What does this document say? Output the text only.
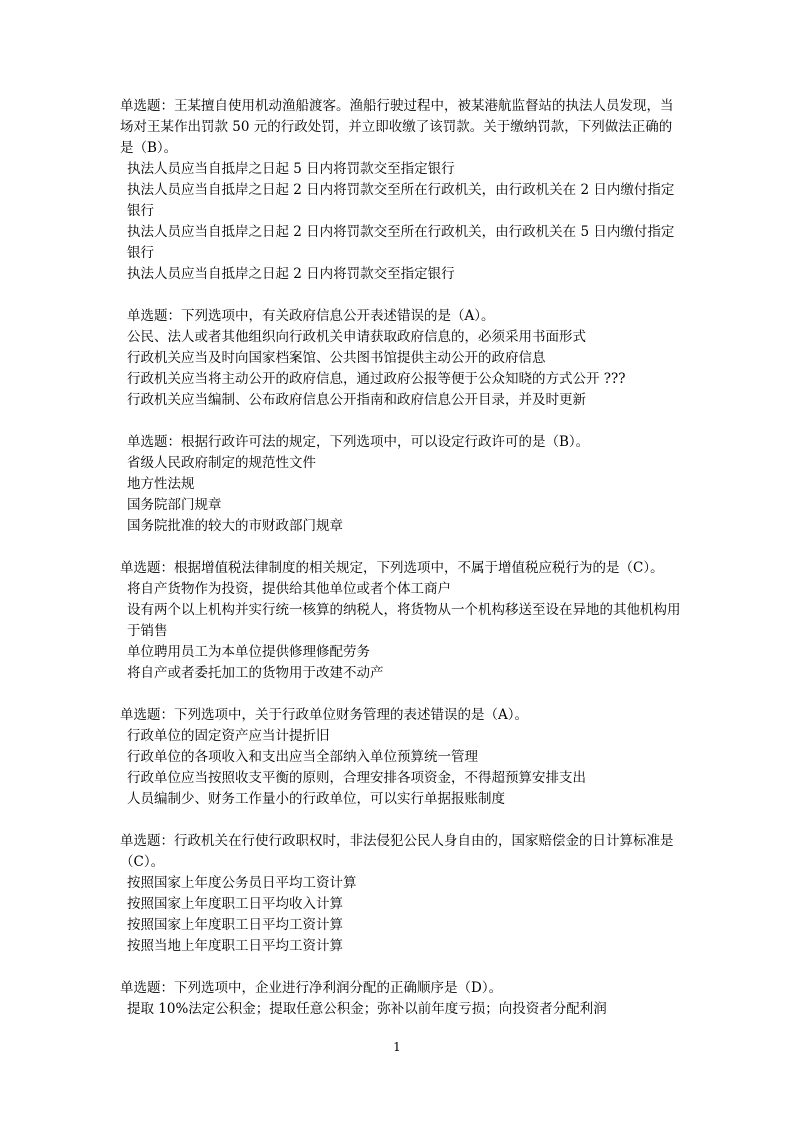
单选题：王某擅自使用机动渔船渡客。渔船行驶过程中，被某港航监督站的执法人员发现，当场对王某作出罚款 50 元的行政处罚，并立即收缴了该罚款。关于缴纳罚款，下列做法正确的是（B）。

执法人员应当自抵岸之日起 5 日内将罚款交至指定银行

执法人员应当自抵岸之日起 2 日内将罚款交至所在行政机关，由行政机关在 2 日内缴付指定银行

执法人员应当自抵岸之日起 2 日内将罚款交至所在行政机关，由行政机关在 5 日内缴付指定银行

执法人员应当自抵岸之日起 2 日内将罚款交至指定银行

单选题：下列选项中，有关政府信息公开表述错误的是（A）。

公民、法人或者其他组织向行政机关申请获取政府信息的，必须采用书面形式

行政机关应当及时向国家档案馆、公共图书馆提供主动公开的政府信息

行政机关应当将主动公开的政府信息，通过政府公报等便于公众知晓的方式公开 ???

行政机关应当编制、公布政府信息公开指南和政府信息公开目录，并及时更新

单选题：根据行政许可法的规定，下列选项中，可以设定行政许可的是（B）。

省级人民政府制定的规范性文件

地方性法规

国务院部门规章

国务院批准的较大的市财政部门规章

单选题：根据增值税法律制度的相关规定，下列选项中，不属于增值税应税行为的是（C）。

将自产货物作为投资，提供给其他单位或者个体工商户

设有两个以上机构并实行统一核算的纳税人，将货物从一个机构移送至设在异地的其他机构用于销售

单位聘用员工为本单位提供修理修配劳务

将自产或者委托加工的货物用于改建不动产

单选题：下列选项中，关于行政单位财务管理的表述错误的是（A）。

行政单位的固定资产应当计提折旧

行政单位的各项收入和支出应当全部纳入单位预算统一管理

行政单位应当按照收支平衡的原则，合理安排各项资金，不得超预算安排支出

人员编制少、财务工作量小的行政单位，可以实行单据报账制度

单选题：行政机关在行使行政职权时，非法侵犯公民人身自由的，国家赔偿金的日计算标准是（C）。

按照国家上年度公务员日平均工资计算

按照国家上年度职工日平均收入计算

按照国家上年度职工日平均工资计算

按照当地上年度职工日平均工资计算

单选题：下列选项中，企业进行净利润分配的正确顺序是（D）。

提取 10%法定公积金；提取任意公积金；弥补以前年度亏损；向投资者分配利润

1
